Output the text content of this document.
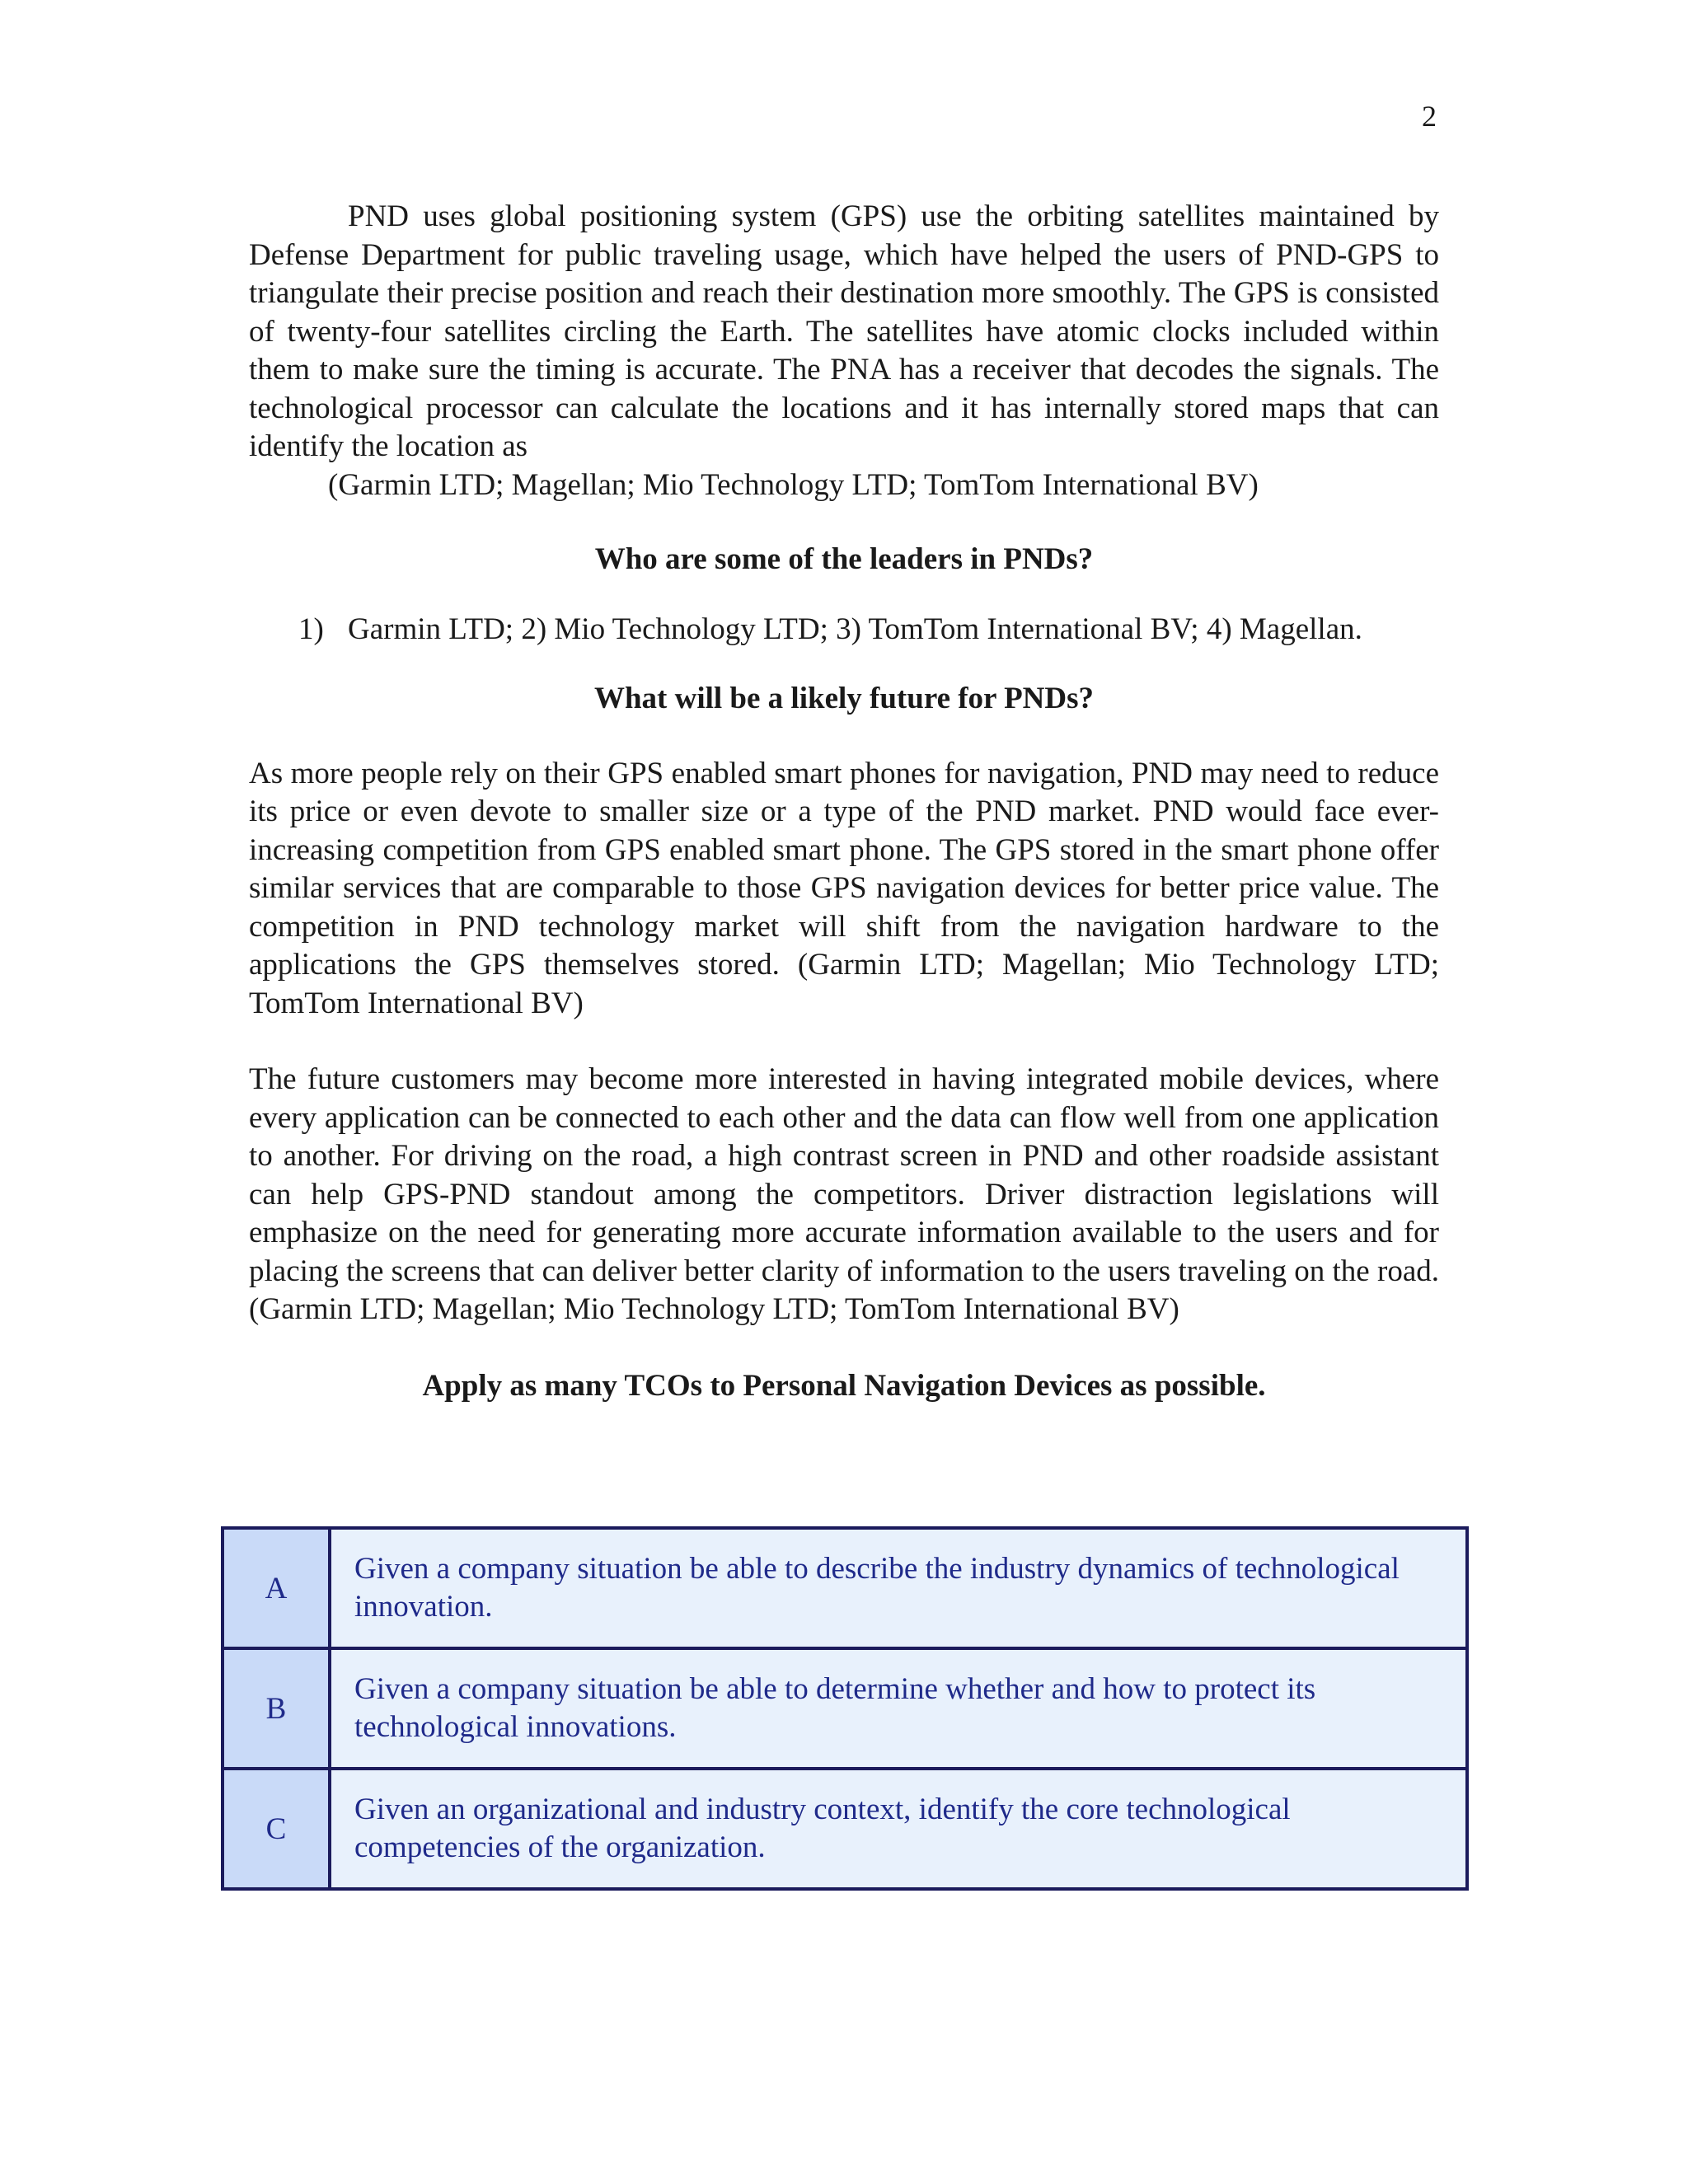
2

PND uses global positioning system (GPS) use the orbiting satellites maintained by Defense Department for public traveling usage, which have helped the users of PND-GPS to triangulate their precise position and reach their destination more smoothly. The GPS is consisted of twenty-four satellites circling the Earth. The satellites have atomic clocks included within them to make sure the timing is accurate. The PNA has a receiver that decodes the signals. The technological processor can calculate the locations and it has internally stored maps that can identify the location as

(Garmin LTD; Magellan; Mio Technology LTD; TomTom International BV)

Who are some of the leaders in PNDs?

1) Garmin LTD; 2) Mio Technology LTD; 3) TomTom International BV; 4) Magellan.

What will be a likely future for PNDs?

As more people rely on their GPS enabled smart phones for navigation, PND may need to reduce its price or even devote to smaller size or a type of the PND market. PND would face ever-increasing competition from GPS enabled smart phone. The GPS stored in the smart phone offer similar services that are comparable to those GPS navigation devices for better price value. The competition in PND technology market will shift from the navigation hardware to the applications the GPS themselves stored. (Garmin LTD; Magellan; Mio Technology LTD; TomTom International BV)

The future customers may become more interested in having integrated mobile devices, where every application can be connected to each other and the data can flow well from one application to another. For driving on the road, a high contrast screen in PND and other roadside assistant can help GPS-PND standout among the competitors. Driver distraction legislations will emphasize on the need for generating more accurate information available to the users and for placing the screens that can deliver better clarity of information to the users traveling on the road. (Garmin LTD; Magellan; Mio Technology LTD; TomTom International BV)

Apply as many TCOs to Personal Navigation Devices as possible.

A	Given a company situation be able to describe the industry dynamics of technological innovation.
B	Given a company situation be able to determine whether and how to protect its technological innovations.
C	Given an organizational and industry context, identify the core technological competencies of the organization.
